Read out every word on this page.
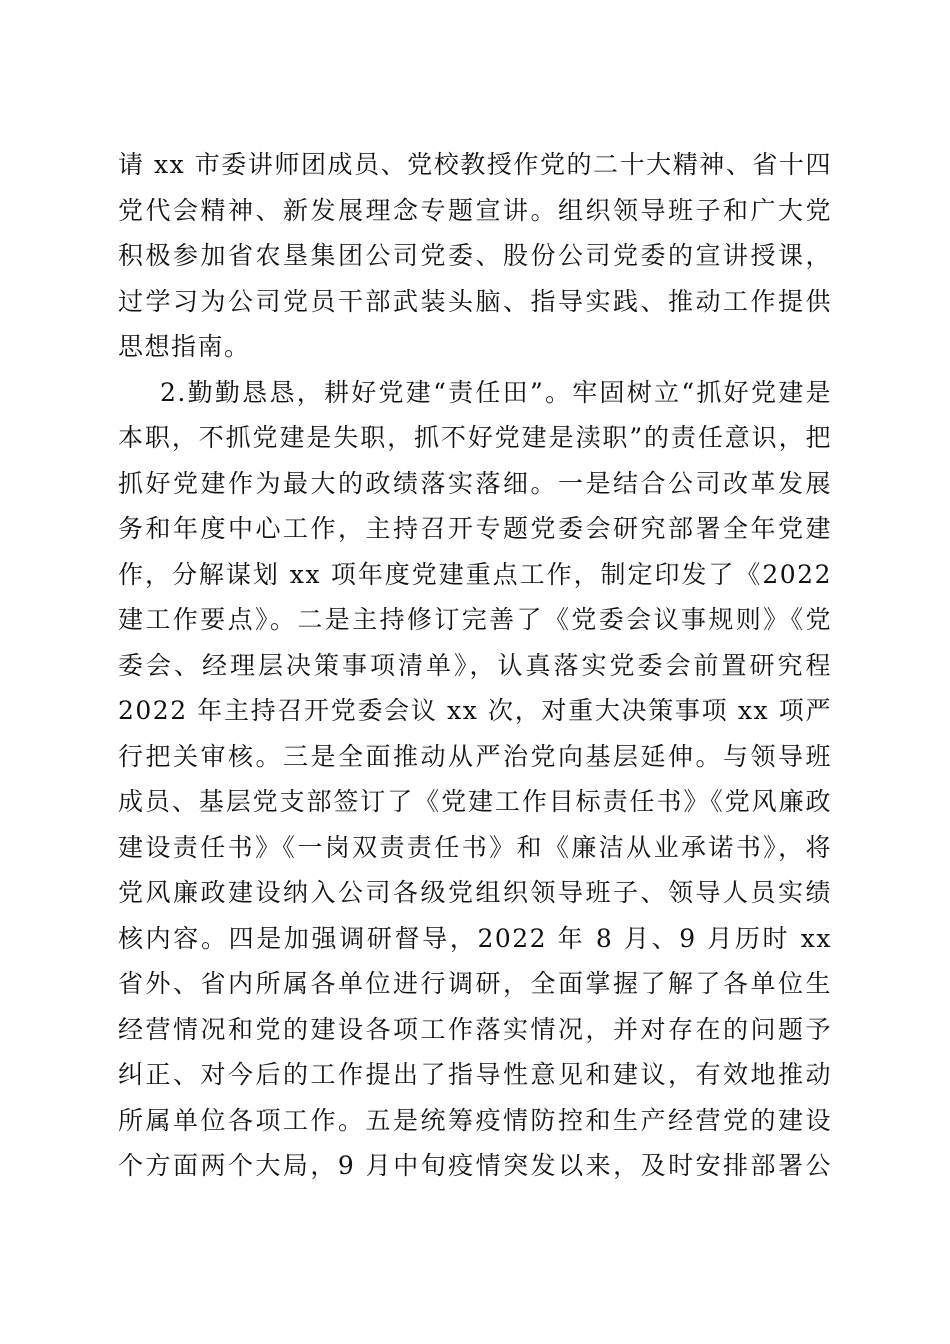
请 xx 市委讲师团成员、党校教授作党的二十大精神、省十四
党代会精神、新发展理念专题宣讲。组织领导班子和广大党
积极参加省农垦集团公司党委、股份公司党委的宣讲授课，
过学习为公司党员干部武装头脑、指导实践、推动工作提供
思想指南。
2.勤勤恳恳，耕好党建“责任田”。牢固树立“抓好党建是
本职，不抓党建是失职，抓不好党建是渎职”的责任意识，把
抓好党建作为最大的政绩落实落细。一是结合公司改革发展
务和年度中心工作，主持召开专题党委会研究部署全年党建
作，分解谋划 xx 项年度党建重点工作，制定印发了《2022
建工作要点》。二是主持修订完善了《党委会议事规则》《党
委会、经理层决策事项清单》，认真落实党委会前置研究程
2022 年主持召开党委会议 xx 次，对重大决策事项 xx 项严
行把关审核。三是全面推动从严治党向基层延伸。与领导班
成员、基层党支部签订了《党建工作目标责任书》《党风廉政
建设责任书》《一岗双责责任书》和《廉洁从业承诺书》，将
党风廉政建设纳入公司各级党组织领导班子、领导人员实绩
核内容。四是加强调研督导，2022 年 8 月、9 月历时 xx
省外、省内所属各单位进行调研，全面掌握了解了各单位生
经营情况和党的建设各项工作落实情况，并对存在的问题予
纠正、对今后的工作提出了指导性意见和建议，有效地推动
所属单位各项工作。五是统筹疫情防控和生产经营党的建设
个方面两个大局，9 月中旬疫情突发以来，及时安排部署公
